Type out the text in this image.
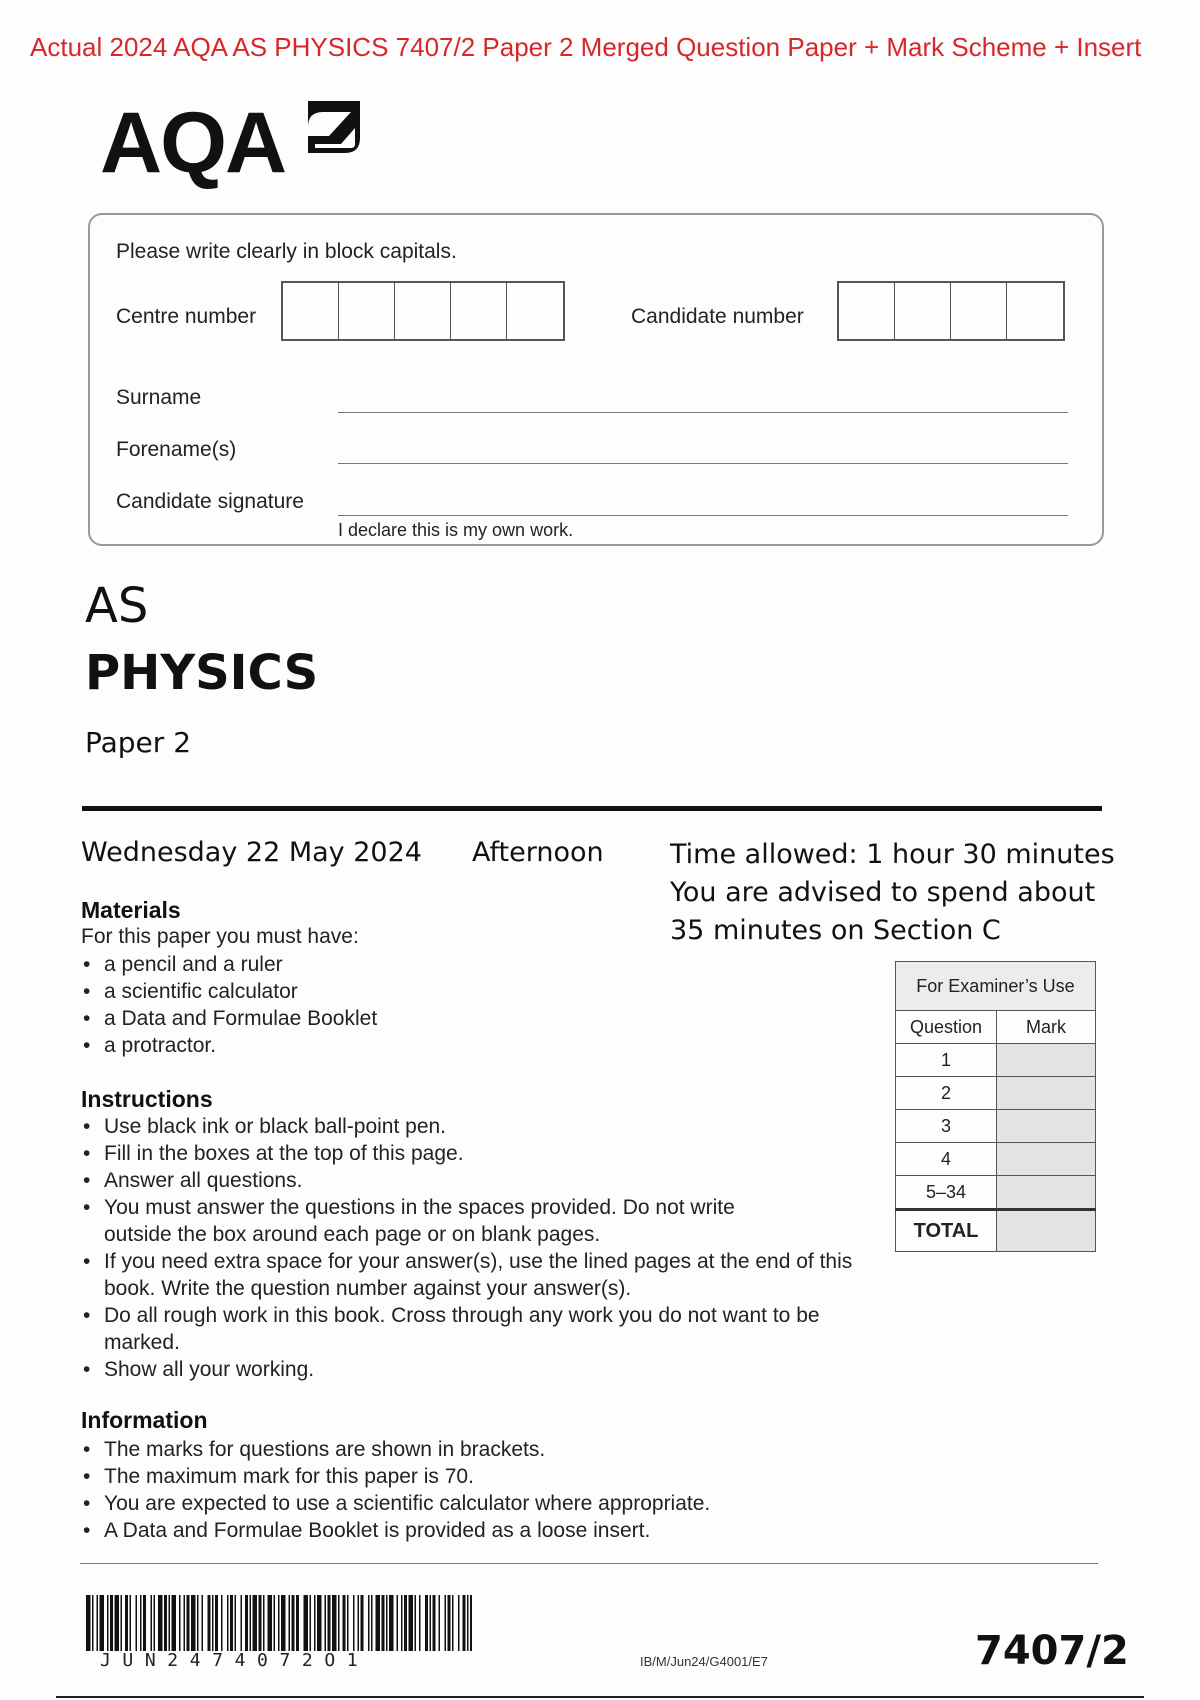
Actual 2024 AQA AS PHYSICS 7407/2 Paper 2 Merged Question Paper + Mark Scheme + Insert
AQA
Please write clearly in block capitals.
Centre number	Candidate number
Surname
Forename(s)
Candidate signature
I declare this is my own work.
AS
PHYSICS
Paper 2
Wednesday 22 May 2024 Afternoon Time allowed: 1 hour 30 minutes
You are advised to spend about
35 minutes on Section C
Materials
For this paper you must have:
• a pencil and a ruler
• a scientific calculator
• a Data and Formulae Booklet
• a protractor.
Instructions
• Use black ink or black ball-point pen.
• Fill in the boxes at the top of this page.
• Answer all questions.
• You must answer the questions in the spaces provided. Do not write outside the box around each page or on blank pages.
• If you need extra space for your answer(s), use the lined pages at the end of this book. Write the question number against your answer(s).
• Do all rough work in this book. Cross through any work you do not want to be marked.
• Show all your working.
Information
• The marks for questions are shown in brackets.
• The maximum mark for this paper is 70.
• You are expected to use a scientific calculator where appropriate.
• A Data and Formulae Booklet is provided as a loose insert.
For Examiner’s Use	
Question	Mark
1	
2	
3	
4	
5–34	
TOTAL	
JUN2474072O1	IB/M/Jun24/G4001/E7	7407/2
